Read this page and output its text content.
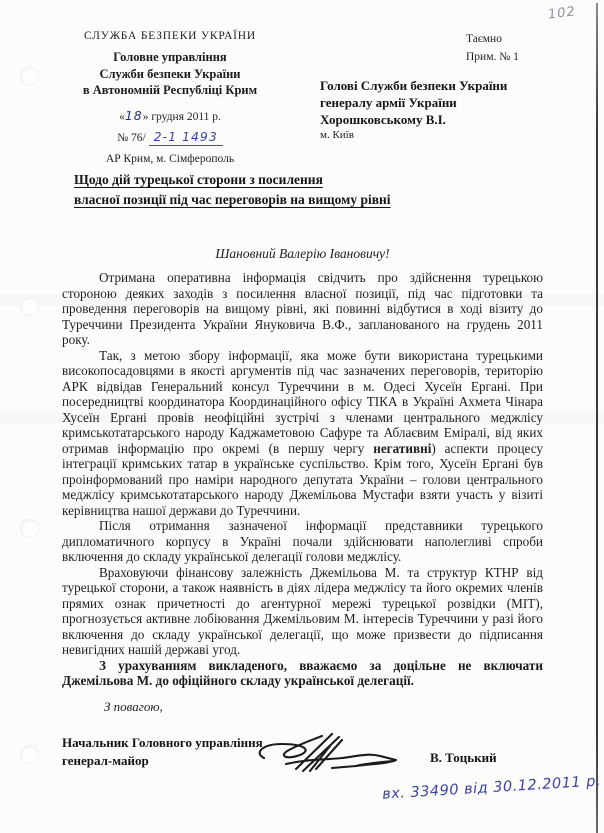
102
СЛУЖБА БЕЗПЕКИ УКРАЇНИ
Головне управління
Служби безпеки України
в Автономній Республіці Крим
«18» грудня 2011 р.
№ 76/ 2-1 1493
АР Крим, м. Сімферополь
Таємно
Прим. № 1
Голові Служби безпеки України
генералу армії України
Хорошковському В.І.
м. Київ
Щодо дій турецької сторони з посилення
власної позиції під час переговорів на вищому рівні
Шановний Валерію Івановичу!

Отримана оперативна інформація свідчить про здійснення турецькою стороною деяких заходів з посилення власної позиції, під час підготовки та проведення переговорів на вищому рівні, які повинні відбутися в ході візиту до Туреччини Президента України Януковича В.Ф., запланованого на грудень 2011 року.

Так, з метою збору інформації, яка може бути використана турецькими високопосадовцями в якості аргументів під час зазначених переговорів, територію АРК відвідав Генеральний консул Туреччини в м. Одесі Хусеїн Ергані. При посередництві координатора Координаційного офісу ТІКА в Україні Ахмета Чінара Хусеїн Ергані провів неофіційні зустрічі з членами центрального меджлісу кримськотатарського народу Каджаметовою Сафуре та Аблаєвим Еміралі, від яких отримав інформацію про окремі (в першу чергу негативні) аспекти процесу інтеграції кримських татар в українське суспільство. Крім того, Хусеїн Ергані був проінформований про наміри народного депутата України – голови центрального меджлісу кримськотатарського народу Джемільова Мустафи взяти участь у візиті керівництва нашої держави до Туреччини.

Після отримання зазначеної інформації представники турецького дипломатичного корпусу в Україні почали здійснювати наполегливі спроби включення до складу української делегації голови меджлісу.

Враховуючи фінансову залежність Джемільова М. та структур КТНР від турецької сторони, а також наявність в діях лідера меджлісу та його окремих членів прямих ознак причетності до агентурної мережі турецької розвідки (МІТ), прогнозується активне лобіювання Джемільовим М. інтересів Туреччини у разі його включення до складу української делегації, що може призвести до підписання невигідних нашій державі угод.

З урахуванням викладеного, вважаємо за доцільне не включати Джемільова М. до офіційного складу української делегації.

З повагою,
Начальник Головного управління
генерал-майор	В. Тоцький
вх. 33490 від 30.12.2011 р.
